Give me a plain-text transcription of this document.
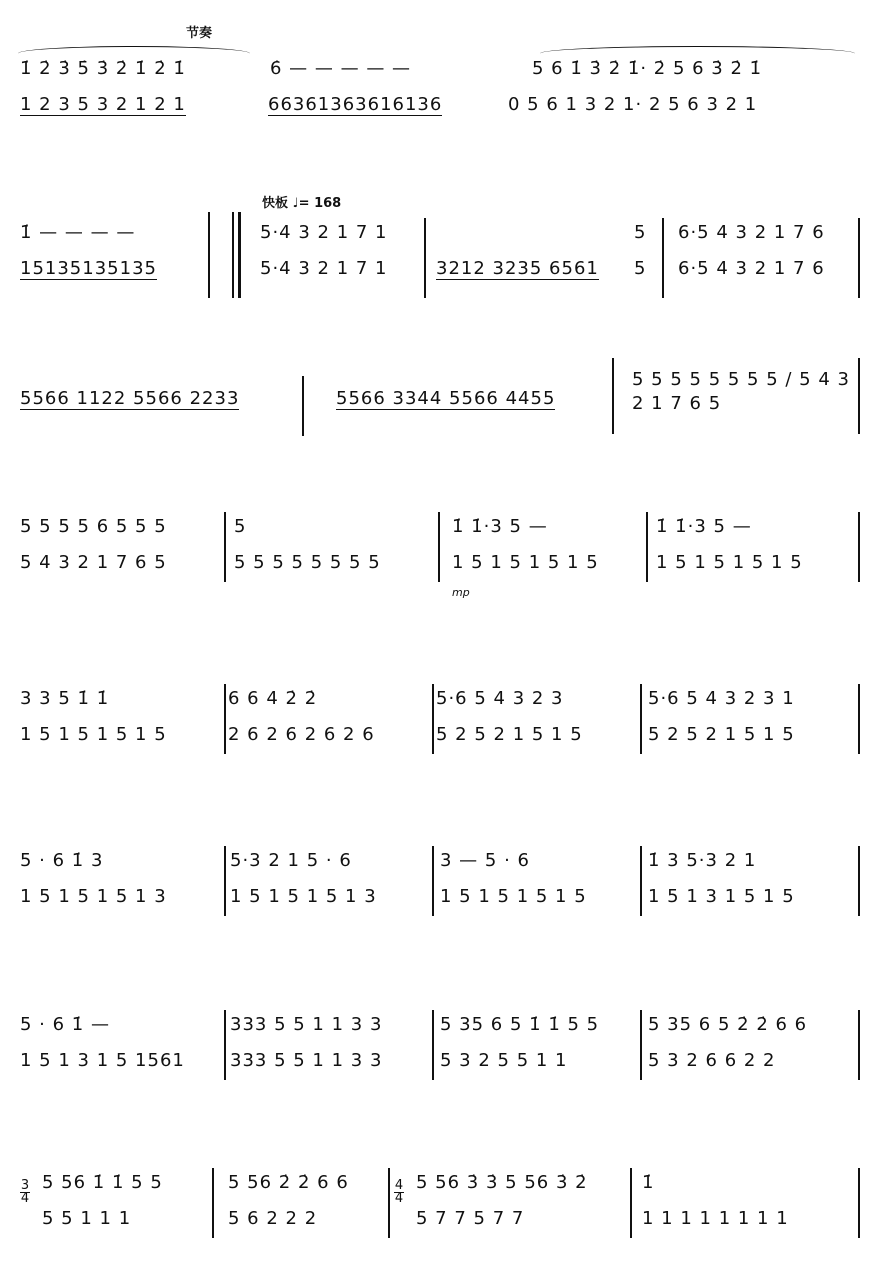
节奏
快板 ♩= 168
1̇ 2̇ 3̇ 5̇ 3̇ 2̇ 1̇ 2̇ 1̇	6̇ — — — — —	5 6 1̇ 3̇ 2̇ 1̇· 2̇ 5 6 3̇ 2̇ 1̇
1 2 3 5 3 2 1 2 1	66361363616136	0 5 6 1 3 2 1· 2 5 6 3 2 1
1̇ — — — —	5·4 3 2 1 7 1	5 6·5 4 3 2 1 7 6
15135135135	5·4 3 2 1 7 1	3212 3235 6561 5 6·5 4 3 2 1 7 6
5566 1122 5566 2233	5566 3344 5566 4455
5 5 5 5 5 5 5 5 / 5 4 3 2 1 7 6 5
5 5 5 5 6 5 5 5	5	1̇ 1̇·3 5 —	1̇ 1̇·3 5 —
5 4 3 2 1 7 6 5	5 5 5 5 5 5 5 5	1 5 1 5 1 5 1 5	1 5 1 5 1 5 1 5
mp
3 3 5 1̇ 1̇	6 6 4 2̇ 2̇	5·6 5 4 3 2 3	5·6 5 4 3 2 3 1
1 5 1 5 1 5 1 5	2 6 2 6 2 6 2 6	5 2 5 2 1 5 1 5	5 2 5 2 1 5 1 5
5 · 6 1̇ 3	5·3 2 1 5 · 6	3 — 5 · 6	1̇ 3 5·3 2 1
1 5 1 5 1 5 1 3	1 5 1 5 1 5 1 3	1 5 1 5 1 5 1 5	1 5 1 3 1 5 1 5
5 · 6 1̇ —	333 5 5 1 1 3 3	5 35 6 5 1̇ 1̇ 5 5	5 35 6 5 2̇ 2̇ 6 6
1 5 1 3 1 5 1561	333 5 5 1 1 3 3	5 3 2 5 5 1 1	5 3 2 6 6 2 2
3
4
4
4
5 56 1̇ 1̇ 5 5	5 56 2̇ 2̇ 6 6	5 56 3̇ 3̇ 5 56 3̇ 2̇	1̇
5 5 1 1 1	5 6 2 2 2	5 7 7 5 7 7	1 1 1 1 1 1 1 1
